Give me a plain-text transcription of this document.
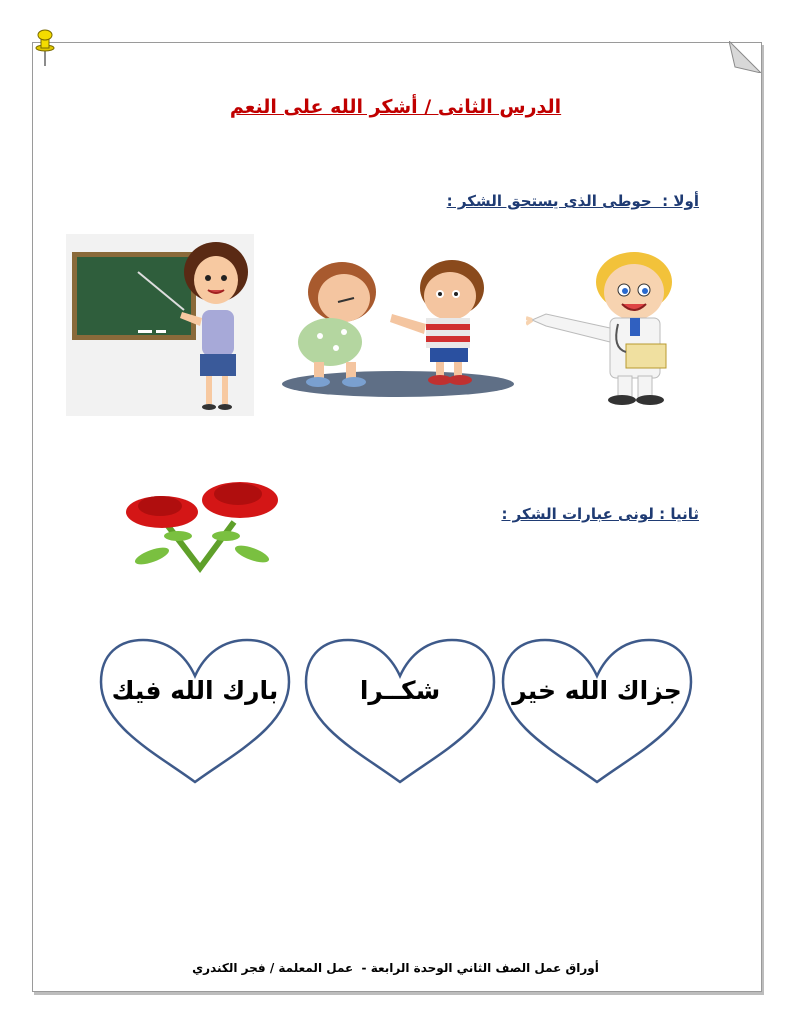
الدرس الثانى / أشكر الله على النعم
أولا :  حوطى الذى يستحق الشكر :
ثانيا : لونى عبارات الشكر :
بارك الله فيك	شكــرا	جزاك الله خير
أوراق عمل الصف الثاني الوحدة الرابعة -  عمل المعلمة / فجر الكندري
